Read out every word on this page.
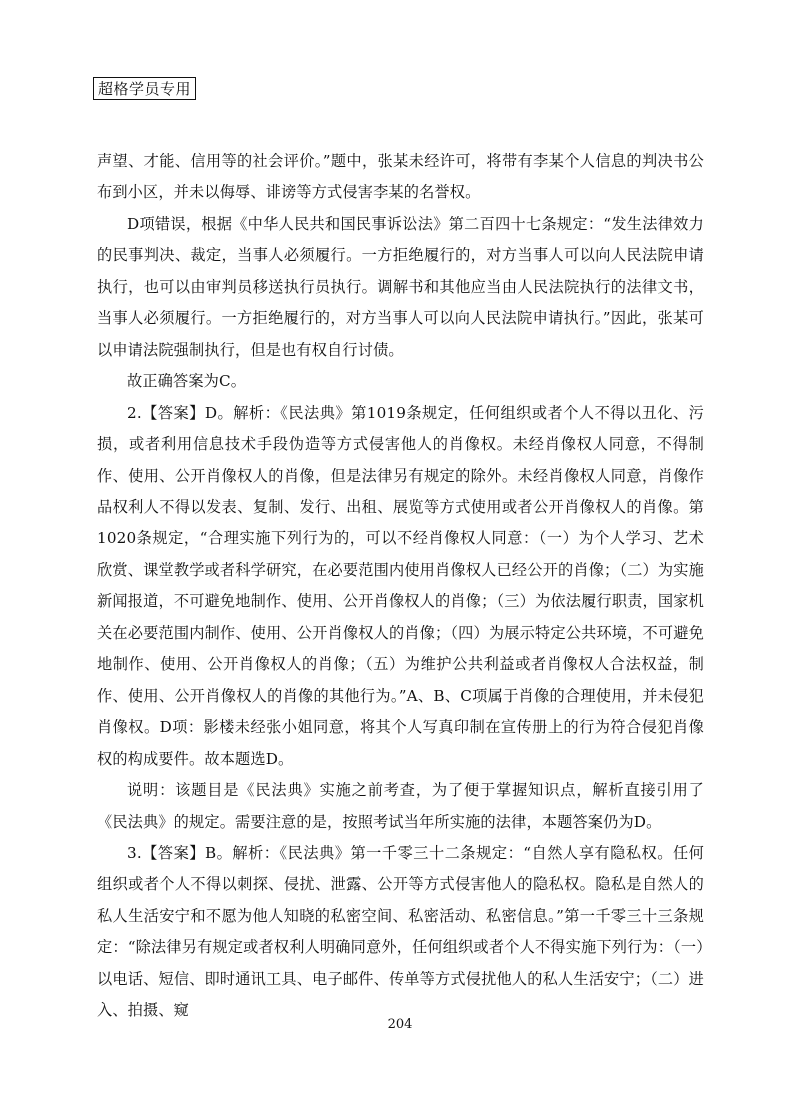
超格学员专用

声望、才能、信用等的社会评价。”题中，张某未经许可，将带有李某个人信息的判决书公布到小区，并未以侮辱、诽谤等方式侵害李某的名誉权。

D项错误，根据《中华人民共和国民事诉讼法》第二百四十七条规定：“发生法律效力的民事判决、裁定，当事人必须履行。一方拒绝履行的，对方当事人可以向人民法院申请执行，也可以由审判员移送执行员执行。调解书和其他应当由人民法院执行的法律文书，当事人必须履行。一方拒绝履行的，对方当事人可以向人民法院申请执行。”因此，张某可以申请法院强制执行，但是也有权自行讨债。

故正确答案为C。

2.【答案】D。解析：《民法典》第1019条规定，任何组织或者个人不得以丑化、污损，或者利用信息技术手段伪造等方式侵害他人的肖像权。未经肖像权人同意，不得制作、使用、公开肖像权人的肖像，但是法律另有规定的除外。未经肖像权人同意，肖像作品权利人不得以发表、复制、发行、出租、展览等方式使用或者公开肖像权人的肖像。第1020条规定，“合理实施下列行为的，可以不经肖像权人同意：（一）为个人学习、艺术欣赏、课堂教学或者科学研究，在必要范围内使用肖像权人已经公开的肖像；（二）为实施新闻报道，不可避免地制作、使用、公开肖像权人的肖像；（三）为依法履行职责，国家机关在必要范围内制作、使用、公开肖像权人的肖像；（四）为展示特定公共环境，不可避免地制作、使用、公开肖像权人的肖像；（五）为维护公共利益或者肖像权人合法权益，制作、使用、公开肖像权人的肖像的其他行为。”A、B、C项属于肖像的合理使用，并未侵犯肖像权。D项：影楼未经张小姐同意，将其个人写真印制在宣传册上的行为符合侵犯肖像权的构成要件。故本题选D。

说明：该题目是《民法典》实施之前考查，为了便于掌握知识点，解析直接引用了《民法典》的规定。需要注意的是，按照考试当年所实施的法律，本题答案仍为D。

3.【答案】B。解析：《民法典》第一千零三十二条规定：“自然人享有隐私权。任何组织或者个人不得以刺探、侵扰、泄露、公开等方式侵害他人的隐私权。隐私是自然人的私人生活安宁和不愿为他人知晓的私密空间、私密活动、私密信息。”第一千零三十三条规定：“除法律另有规定或者权利人明确同意外，任何组织或者个人不得实施下列行为：（一）以电话、短信、即时通讯工具、电子邮件、传单等方式侵扰他人的私人生活安宁；（二）进入、拍摄、窥

204
